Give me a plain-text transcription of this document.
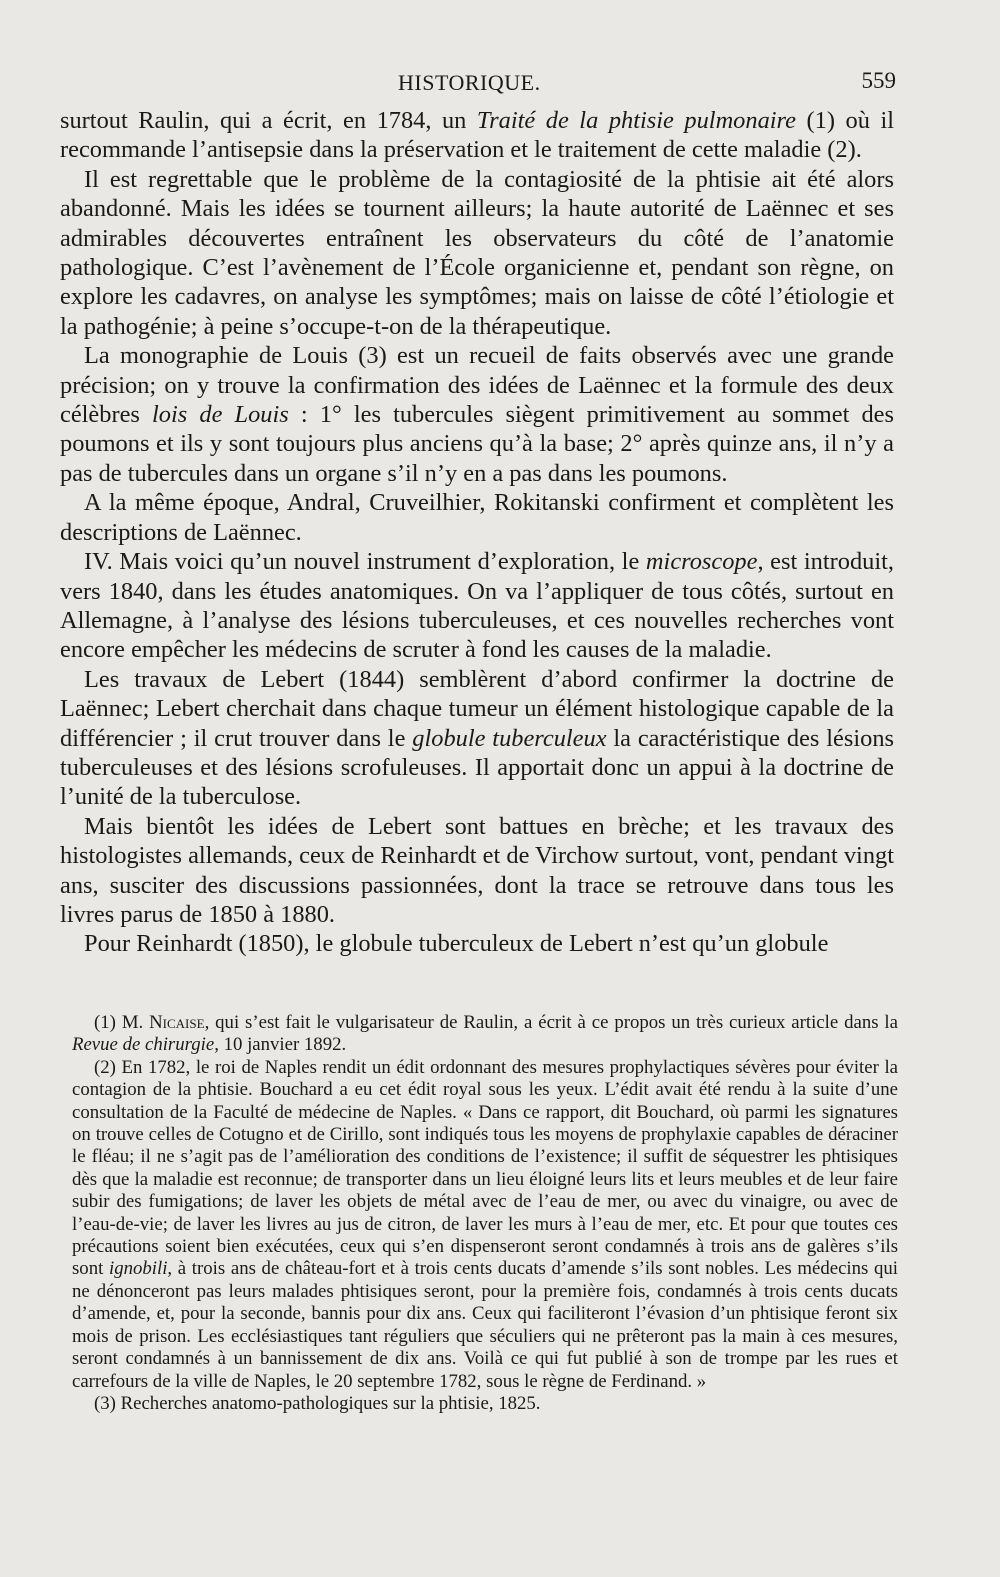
HISTORIQUE.	559

surtout Raulin, qui a écrit, en 1784, un Traité de la phtisie pulmonaire (1) où il recommande l’antisepsie dans la préservation et le traitement de cette maladie (2).

Il est regrettable que le problème de la contagiosité de la phtisie ait été alors abandonné. Mais les idées se tournent ailleurs; la haute autorité de Laënnec et ses admirables découvertes entraînent les observateurs du côté de l’anatomie pathologique. C’est l’avènement de l’École organicienne et, pendant son règne, on explore les cadavres, on analyse les symptômes; mais on laisse de côté l’étiologie et la pathogénie; à peine s’occupe-t-on de la thérapeutique.

La monographie de Louis (3) est un recueil de faits observés avec une grande précision; on y trouve la confirmation des idées de Laënnec et la formule des deux célèbres lois de Louis : 1° les tubercules siègent primitivement au sommet des poumons et ils y sont toujours plus anciens qu’à la base; 2° après quinze ans, il n’y a pas de tubercules dans un organe s’il n’y en a pas dans les poumons.

A la même époque, Andral, Cruveilhier, Rokitanski confirment et complètent les descriptions de Laënnec.

IV. Mais voici qu’un nouvel instrument d’exploration, le microscope, est introduit, vers 1840, dans les études anatomiques. On va l’appliquer de tous côtés, surtout en Allemagne, à l’analyse des lésions tuberculeuses, et ces nouvelles recherches vont encore empêcher les médecins de scruter à fond les causes de la maladie.

Les travaux de Lebert (1844) semblèrent d’abord confirmer la doctrine de Laënnec; Lebert cherchait dans chaque tumeur un élément histologique capable de la différencier ; il crut trouver dans le globule tuberculeux la caractéristique des lésions tuberculeuses et des lésions scrofuleuses. Il apportait donc un appui à la doctrine de l’unité de la tuberculose.

Mais bientôt les idées de Lebert sont battues en brèche; et les travaux des histologistes allemands, ceux de Reinhardt et de Virchow surtout, vont, pendant vingt ans, susciter des discussions passionnées, dont la trace se retrouve dans tous les livres parus de 1850 à 1880.

Pour Reinhardt (1850), le globule tuberculeux de Lebert n’est qu’un globule

(1) M. Nicaise, qui s’est fait le vulgarisateur de Raulin, a écrit à ce propos un très curieux article dans la Revue de chirurgie, 10 janvier 1892.

(2) En 1782, le roi de Naples rendit un édit ordonnant des mesures prophylactiques sévères pour éviter la contagion de la phtisie. Bouchard a eu cet édit royal sous les yeux. L’édit avait été rendu à la suite d’une consultation de la Faculté de médecine de Naples. « Dans ce rapport, dit Bouchard, où parmi les signatures on trouve celles de Cotugno et de Cirillo, sont indiqués tous les moyens de prophylaxie capables de déraciner le fléau; il ne s’agit pas de l’amélioration des conditions de l’existence; il suffit de séquestrer les phtisiques dès que la maladie est reconnue; de transporter dans un lieu éloigné leurs lits et leurs meubles et de leur faire subir des fumigations; de laver les objets de métal avec de l’eau de mer, ou avec du vinaigre, ou avec de l’eau-de-vie; de laver les livres au jus de citron, de laver les murs à l’eau de mer, etc. Et pour que toutes ces précautions soient bien exécutées, ceux qui s’en dispenseront seront condamnés à trois ans de galères s’ils sont ignobili, à trois ans de château-fort et à trois cents ducats d’amende s’ils sont nobles. Les médecins qui ne dénonceront pas leurs malades phtisiques seront, pour la première fois, condamnés à trois cents ducats d’amende, et, pour la seconde, bannis pour dix ans. Ceux qui faciliteront l’évasion d’un phtisique feront six mois de prison. Les ecclésiastiques tant réguliers que séculiers qui ne prêteront pas la main à ces mesures, seront condamnés à un bannissement de dix ans. Voilà ce qui fut publié à son de trompe par les rues et carrefours de la ville de Naples, le 20 septembre 1782, sous le règne de Ferdinand. »

(3) Recherches anatomo-pathologiques sur la phtisie, 1825.
